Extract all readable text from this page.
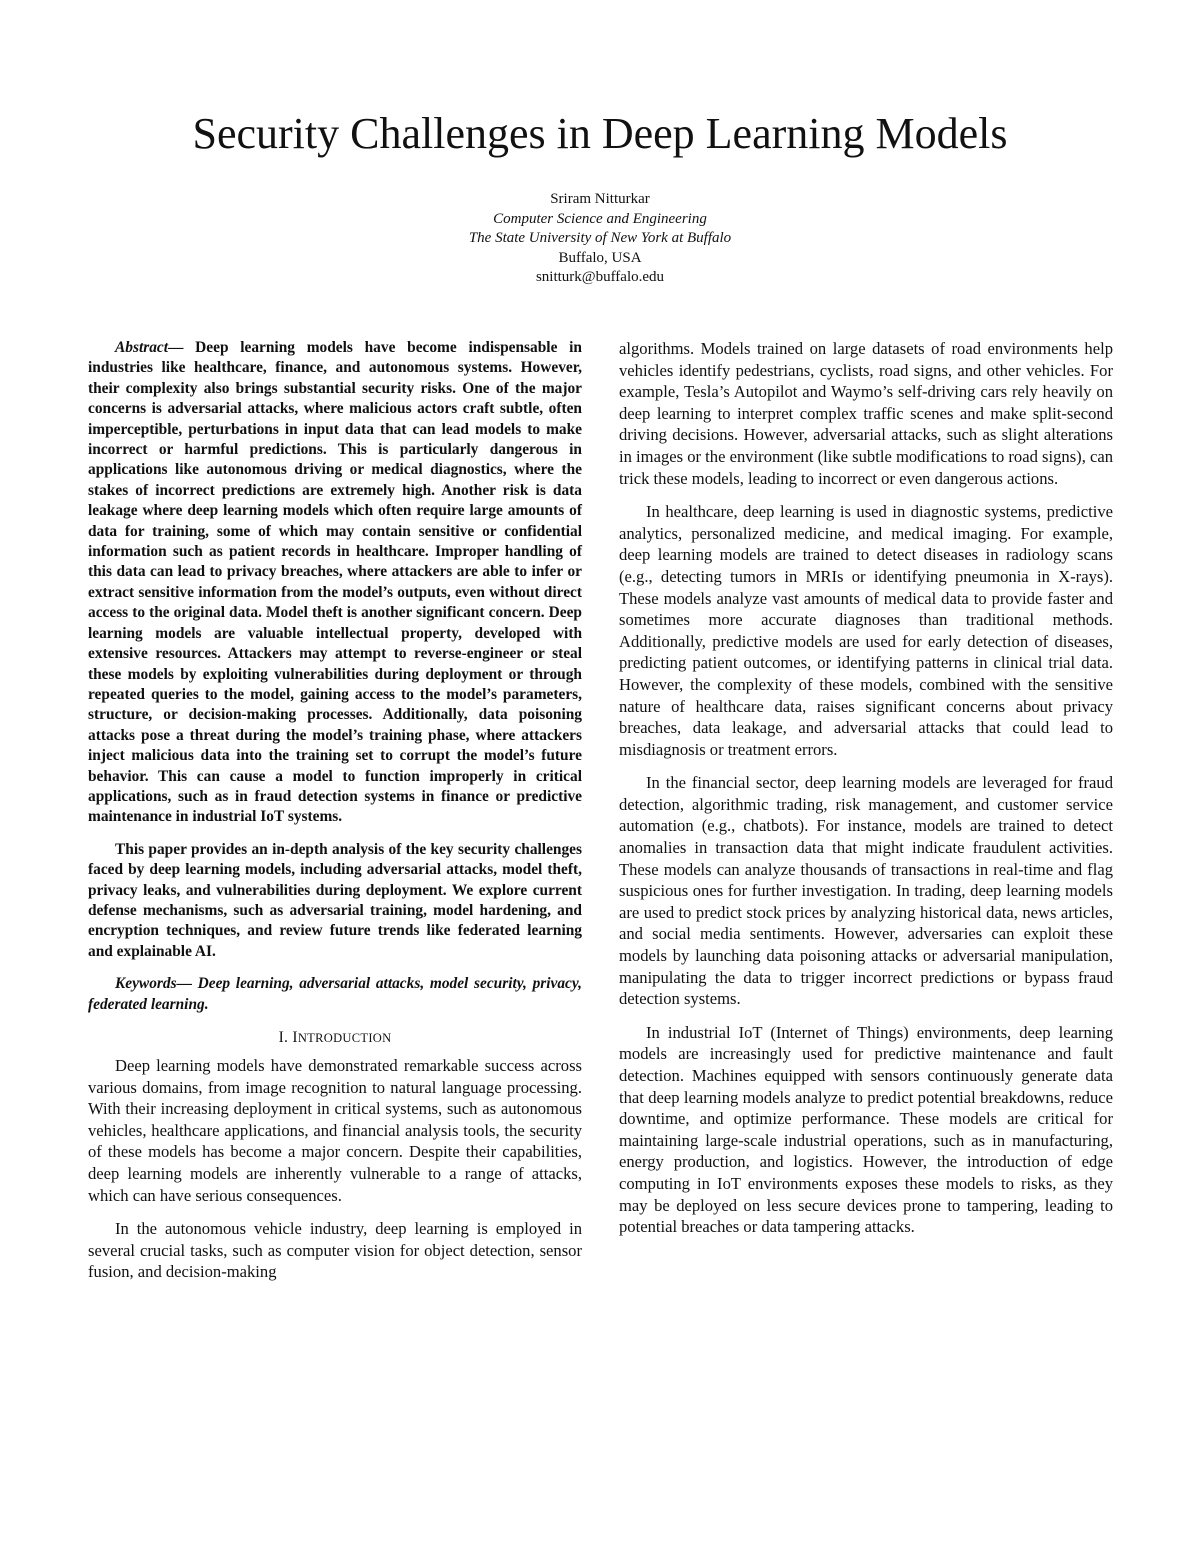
Security Challenges in Deep Learning Models
Sriram Nitturkar
Computer Science and Engineering
The State University of New York at Buffalo
Buffalo, USA
snitturk@buffalo.edu

Abstract— Deep learning models have become indispensable in industries like healthcare, finance, and autonomous systems. However, their complexity also brings substantial security risks. One of the major concerns is adversarial attacks, where malicious actors craft subtle, often imperceptible, perturbations in input data that can lead models to make incorrect or harmful predictions. This is particularly dangerous in applications like autonomous driving or medical diagnostics, where the stakes of incorrect predictions are extremely high. Another risk is data leakage where deep learning models which often require large amounts of data for training, some of which may contain sensitive or confidential information such as patient records in healthcare. Improper handling of this data can lead to privacy breaches, where attackers are able to infer or extract sensitive information from the model’s outputs, even without direct access to the original data. Model theft is another significant concern. Deep learning models are valuable intellectual property, developed with extensive resources. Attackers may attempt to reverse-engineer or steal these models by exploiting vulnerabilities during deployment or through repeated queries to the model, gaining access to the model’s parameters, structure, or decision-making processes. Additionally, data poisoning attacks pose a threat during the model’s training phase, where attackers inject malicious data into the training set to corrupt the model’s future behavior. This can cause a model to function improperly in critical applications, such as in fraud detection systems in finance or predictive maintenance in industrial IoT systems.

This paper provides an in-depth analysis of the key security challenges faced by deep learning models, including adversarial attacks, model theft, privacy leaks, and vulnerabilities during deployment. We explore current defense mechanisms, such as adversarial training, model hardening, and encryption techniques, and review future trends like federated learning and explainable AI.

Keywords— Deep learning, adversarial attacks, model security, privacy, federated learning.

I. INTRODUCTION

Deep learning models have demonstrated remarkable success across various domains, from image recognition to natural language processing. With their increasing deployment in critical systems, such as autonomous vehicles, healthcare applications, and financial analysis tools, the security of these models has become a major concern. Despite their capabilities, deep learning models are inherently vulnerable to a range of attacks, which can have serious consequences.

In the autonomous vehicle industry, deep learning is employed in several crucial tasks, such as computer vision for object detection, sensor fusion, and decision-making

algorithms. Models trained on large datasets of road environments help vehicles identify pedestrians, cyclists, road signs, and other vehicles. For example, Tesla’s Autopilot and Waymo’s self-driving cars rely heavily on deep learning to interpret complex traffic scenes and make split-second driving decisions. However, adversarial attacks, such as slight alterations in images or the environment (like subtle modifications to road signs), can trick these models, leading to incorrect or even dangerous actions.

In healthcare, deep learning is used in diagnostic systems, predictive analytics, personalized medicine, and medical imaging. For example, deep learning models are trained to detect diseases in radiology scans (e.g., detecting tumors in MRIs or identifying pneumonia in X-rays). These models analyze vast amounts of medical data to provide faster and sometimes more accurate diagnoses than traditional methods. Additionally, predictive models are used for early detection of diseases, predicting patient outcomes, or identifying patterns in clinical trial data. However, the complexity of these models, combined with the sensitive nature of healthcare data, raises significant concerns about privacy breaches, data leakage, and adversarial attacks that could lead to misdiagnosis or treatment errors.

In the financial sector, deep learning models are leveraged for fraud detection, algorithmic trading, risk management, and customer service automation (e.g., chatbots). For instance, models are trained to detect anomalies in transaction data that might indicate fraudulent activities. These models can analyze thousands of transactions in real-time and flag suspicious ones for further investigation. In trading, deep learning models are used to predict stock prices by analyzing historical data, news articles, and social media sentiments. However, adversaries can exploit these models by launching data poisoning attacks or adversarial manipulation, manipulating the data to trigger incorrect predictions or bypass fraud detection systems.

In industrial IoT (Internet of Things) environments, deep learning models are increasingly used for predictive maintenance and fault detection. Machines equipped with sensors continuously generate data that deep learning models analyze to predict potential breakdowns, reduce downtime, and optimize performance. These models are critical for maintaining large-scale industrial operations, such as in manufacturing, energy production, and logistics. However, the introduction of edge computing in IoT environments exposes these models to risks, as they may be deployed on less secure devices prone to tampering, leading to potential breaches or data tampering attacks.
